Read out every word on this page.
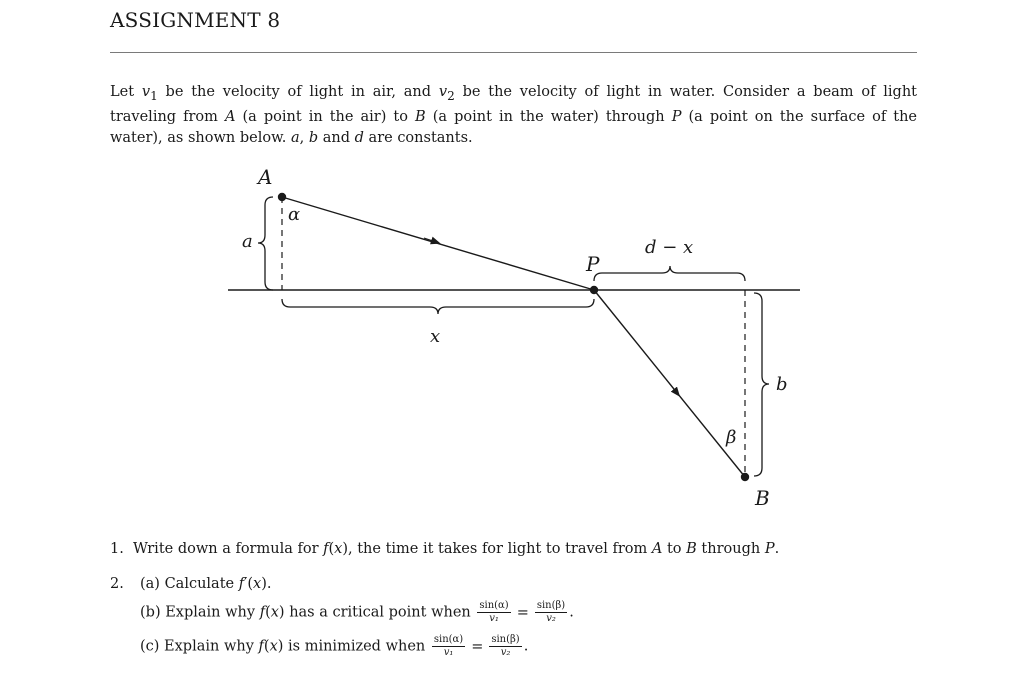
ASSIGNMENT 8
Let $v_1$ be the velocity of light in air, and $v_2$ be the velocity of light in water. Consider a beam of light traveling from A (a point in the air) to B (a point in the water) through P (a point on the surface of the water), as shown below. a, b and d are constants.
A
B
P
a
b
x
d − x
α
β
1. Write down a formula for f(x), the time it takes for light to travel from A to B through P.
2. (a) Calculate f′(x).
(b) Explain why f(x) has a critical point when $\frac{\sin(\alpha)}{\text{v₁}} = \frac{\sin(\beta)}{\text{v₂}}$ .
(c) Explain why f(x) is minimized when $\frac{\sin(\alpha)}{\text{v₁}} = \frac{\sin(\beta)}{\text{v₂}}$ .
